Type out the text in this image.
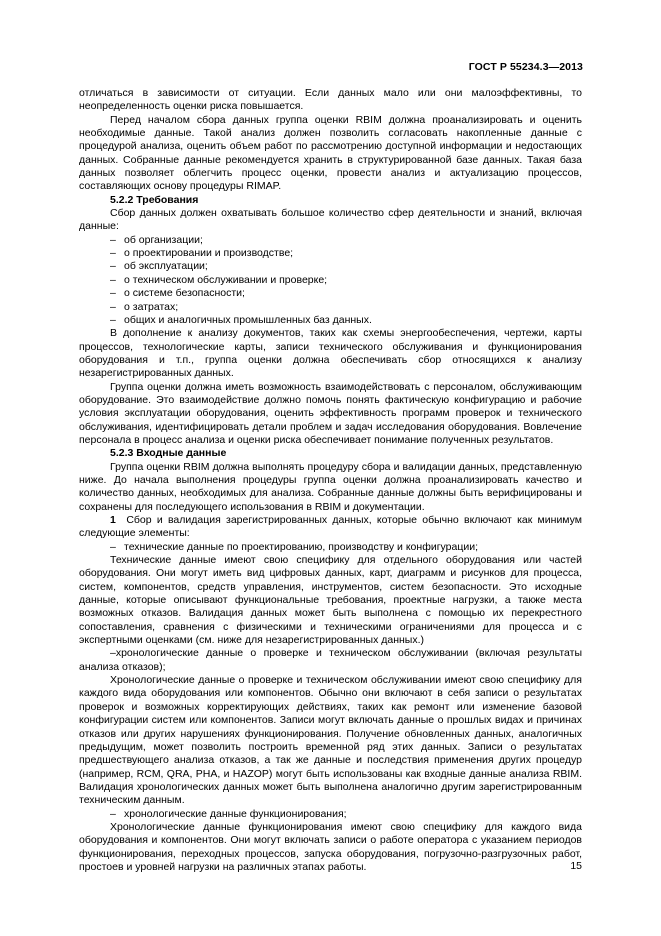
ГОСТ Р 55234.3—2013

отличаться в зависимости от ситуации. Если данных мало или они малоэффективны, то неопределенность оценки риска повышается.

Перед началом сбора данных группа оценки RBIM должна проанализировать и оценить необходимые данные. Такой анализ должен позволить согласовать накопленные данные с процедурой анализа, оценить объем работ по рассмотрению доступной информации и недостающих данных. Собранные данные рекомендуется хранить в структурированной базе данных. Такая база данных позволяет облегчить процесс оценки, провести анализ и актуализацию процессов, составляющих основу процедуры RIMAP.

5.2.2 Требования

Сбор данных должен охватывать большое количество сфер деятельности и знаний, включая данные:

– об организации;

– о проектировании и производстве;

– об эксплуатации;

– о техническом обслуживании и проверке;

– о системе безопасности;

– о затратах;

– общих и аналогичных промышленных баз данных.

В дополнение к анализу документов, таких как схемы энергообеспечения, чертежи, карты процессов, технологические карты, записи технического обслуживания и функционирования оборудования и т.п., группа оценки должна обеспечивать сбор относящихся к анализу незарегистрированных данных.

Группа оценки должна иметь возможность взаимодействовать с персоналом, обслуживающим оборудование. Это взаимодействие должно помочь понять фактическую конфигурацию и рабочие условия эксплуатации оборудования, оценить эффективность программ проверок и технического обслуживания, идентифицировать детали проблем и задач исследования оборудования. Вовлечение персонала в процесс анализа и оценки риска обеспечивает понимание полученных результатов.

5.2.3 Входные данные

Группа оценки RBIM должна выполнять процедуру сбора и валидации данных, представленную ниже. До начала выполнения процедуры группа оценки должна проанализировать качество и количество данных, необходимых для анализа. Собранные данные должны быть верифицированы и сохранены для последующего использования в RBIM и документации.

1 Сбор и валидация зарегистрированных данных, которые обычно включают как минимум следующие элементы:

– технические данные по проектированию, производству и конфигурации;

Технические данные имеют свою специфику для отдельного оборудования или частей оборудования. Они могут иметь вид цифровых данных, карт, диаграмм и рисунков для процесса, систем, компонентов, средств управления, инструментов, систем безопасности. Это исходные данные, которые описывают функциональные требования, проектные нагрузки, а также места возможных отказов. Валидация данных может быть выполнена с помощью их перекрестного сопоставления, сравнения с физическими и техническими ограничениями для процесса и с экспертными оценками (см. ниже для незарегистрированных данных.)

–хронологические данные о проверке и техническом обслуживании (включая результаты анализа отказов);

Хронологические данные о проверке и техническом обслуживании имеют свою специфику для каждого вида оборудования или компонентов. Обычно они включают в себя записи о результатах проверок и возможных корректирующих действиях, таких как ремонт или изменение базовой конфигурации систем или компонентов. Записи могут включать данные о прошлых видах и причинах отказов или других нарушениях функционирования. Получение обновленных данных, аналогичных предыдущим, может позволить построить временной ряд этих данных. Записи о результатах предшествующего анализа отказов, а так же данные и последствия применения других процедур (например, RCM, QRA, PHA, и HAZOP) могут быть использованы как входные данные анализа RBIM. Валидация хронологических данных может быть выполнена аналогично другим зарегистрированным техническим данным.

– хронологические данные функционирования;

Хронологические данные функционирования имеют свою специфику для каждого вида оборудования и компонентов. Они могут включать записи о работе оператора с указанием периодов функционирования, переходных процессов, запуска оборудования, погрузочно-разгрузочных работ, простоев и уровней нагрузки на различных этапах работы.	15
